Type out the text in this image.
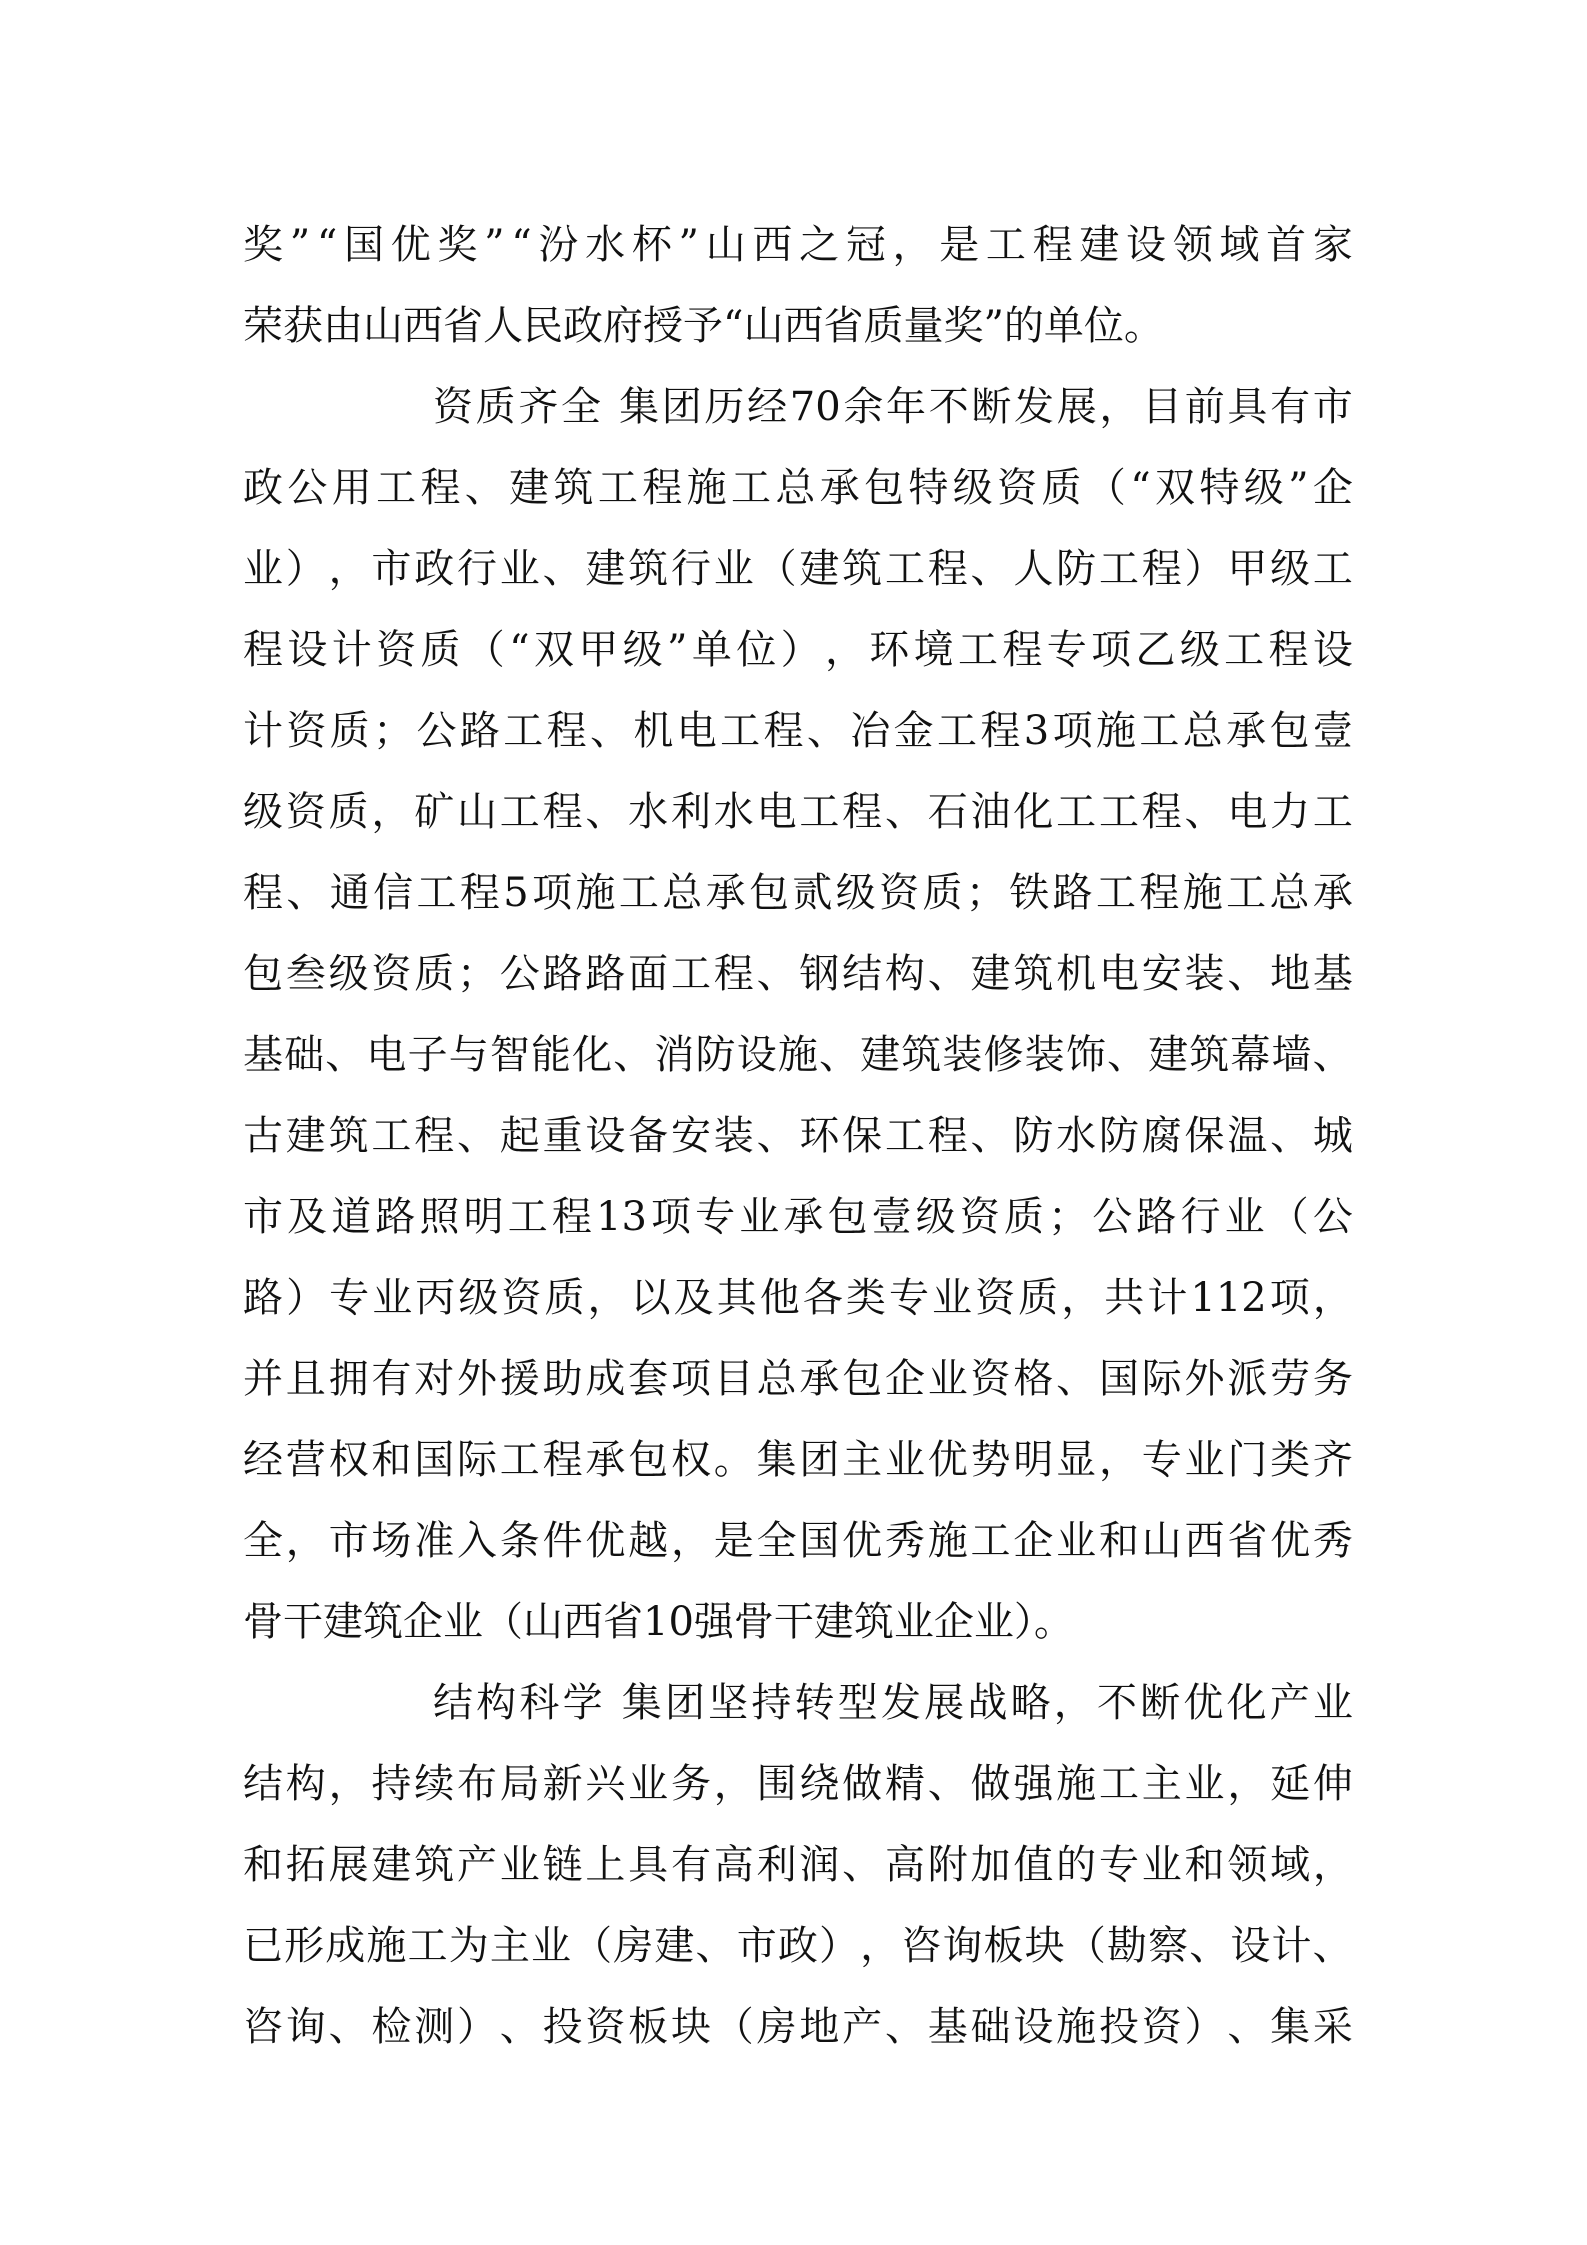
奖 ” “ 国 优 奖 ” “ 汾 水 杯 ” 山 西 之 冠 ， 是 工 程 建 设 领 域 首 家
荣获由山西省人民政府授予“山西省质量奖”的单位。
资 质 齐 全
集 团 历 经 70 余 年 不 断 发 展 ， 目 前 具 有 市
政 公 用 工 程 、 建 筑 工 程 施 工 总 承 包 特 级 资 质 （ “ 双 特 级 ” 企
业 ） ， 市 政 行 业 、 建 筑 行 业 （ 建 筑 工 程 、 人 防 工 程 ） 甲 级 工
程 设 计 资 质 （ “ 双 甲 级 ” 单 位 ） ， 环 境 工 程 专 项 乙 级 工 程 设
计 资 质 ； 公 路 工 程 、 机 电 工 程 、 冶 金 工 程 3 项 施 工 总 承 包 壹
级 资 质 ， 矿 山 工 程 、 水 利 水 电 工 程 、 石 油 化 工 工 程 、 电 力 工
程 、 通 信 工 程 5 项 施 工 总 承 包 贰 级 资 质 ； 铁 路 工 程 施 工 总 承
包 叁 级 资 质 ； 公 路 路 面 工 程 、 钢 结 构 、 建 筑 机 电 安 装 、 地 基
基 础 、 电 子 与 智 能 化 、 消 防 设 施 、 建 筑 装 修 装 饰 、 建 筑 幕 墙 、
古 建 筑 工 程 、 起 重 设 备 安 装 、 环 保 工 程 、 防 水 防 腐 保 温 、 城
市 及 道 路 照 明 工 程 13 项 专 业 承 包 壹 级 资 质 ； 公 路 行 业 （ 公
路 ） 专 业 丙 级 资 质 ， 以 及 其 他 各 类 专 业 资 质 ， 共 计 112 项 ，
并 且 拥 有 对 外 援 助 成 套 项 目 总 承 包 企 业 资 格 、 国 际 外 派 劳 务
经 营 权 和 国 际 工 程 承 包 权 。 集 团 主 业 优 势 明 显 ， 专 业 门 类 齐
全 ， 市 场 准 入 条 件 优 越 ， 是 全 国 优 秀 施 工 企 业 和 山 西 省 优 秀
骨干建筑企业（山西省10强骨干建筑业企业）。
结 构 科 学
集 团 坚 持 转 型 发 展 战 略 ， 不 断 优 化 产 业
结 构 ， 持 续 布 局 新 兴 业 务 ， 围 绕 做 精 、 做 强 施 工 主 业 ， 延 伸
和 拓 展 建 筑 产 业 链 上 具 有 高 利 润 、 高 附 加 值 的 专 业 和 领 域 ，
已 形 成 施 工 为 主 业 （ 房 建 、 市 政 ） ， 咨 询 板 块 （ 勘 察 、 设 计 、
咨 询 、 检 测 ） 、 投 资 板 块 （ 房 地 产 、 基 础 设 施 投 资 ） 、 集 采
